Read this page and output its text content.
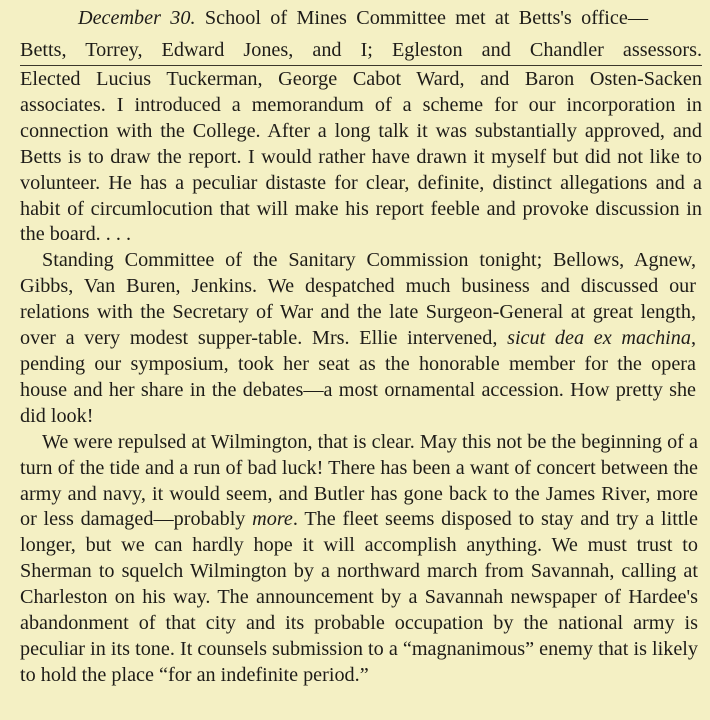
December 30. School of Mines Committee met at Betts's office—
Betts, Torrey, Edward Jones, and I; Egleston and Chandler assessors.

Elected Lucius Tuckerman, George Cabot Ward, and Baron Osten-Sacken associates. I introduced a memorandum of a scheme for our incorporation in connection with the College. After a long talk it was substantially approved, and Betts is to draw the report. I would rather have drawn it myself but did not like to volunteer. He has a peculiar distaste for clear, definite, distinct allegations and a habit of circumlocution that will make his report feeble and provoke discussion in the board. . . .

Standing Committee of the Sanitary Commission tonight; Bellows, Agnew, Gibbs, Van Buren, Jenkins. We despatched much business and discussed our relations with the Secretary of War and the late Surgeon-General at great length, over a very modest supper-table. Mrs. Ellie intervened, sicut dea ex machina, pending our symposium, took her seat as the honorable member for the opera house and her share in the debates—a most ornamental accession. How pretty she did look!

We were repulsed at Wilmington, that is clear. May this not be the beginning of a turn of the tide and a run of bad luck! There has been a want of concert between the army and navy, it would seem, and Butler has gone back to the James River, more or less damaged—probably more. The fleet seems disposed to stay and try a little longer, but we can hardly hope it will accomplish anything. We must trust to Sherman to squelch Wilmington by a northward march from Savannah, calling at Charleston on his way. The announcement by a Savannah newspaper of Hardee's abandonment of that city and its probable occupation by the national army is peculiar in its tone. It counsels submission to a “magnanimous” enemy that is likely to hold the place “for an indefinite period.”
